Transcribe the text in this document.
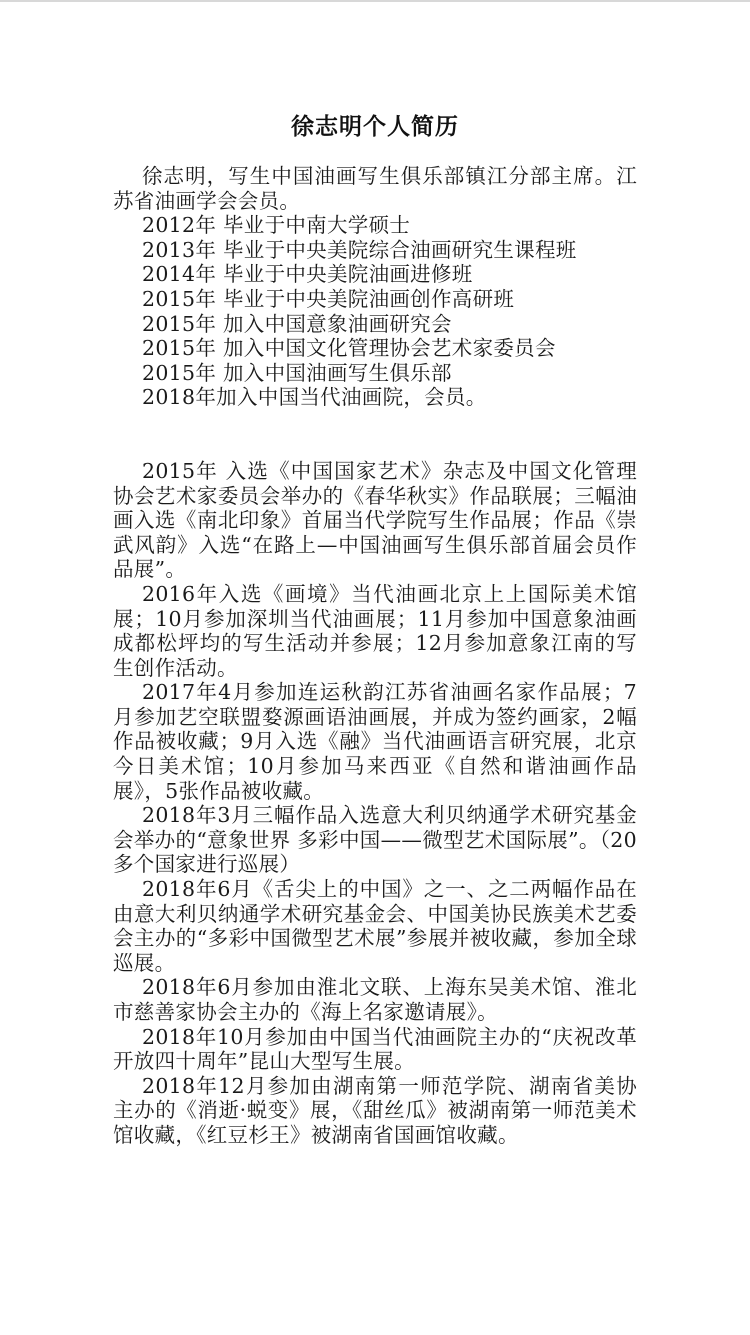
徐志明个人简历

徐志明，写生中国油画写生俱乐部镇江分部主席。江苏省油画学会会员。

2012年 毕业于中南大学硕士

2013年 毕业于中央美院综合油画研究生课程班

2014年 毕业于中央美院油画进修班

2015年 毕业于中央美院油画创作高研班

2015年 加入中国意象油画研究会

2015年 加入中国文化管理协会艺术家委员会

2015年 加入中国油画写生俱乐部

2018年加入中国当代油画院，会员。

2015年 入选《中国国家艺术》杂志及中国文化管理协会艺术家委员会举办的《春华秋实》作品联展；三幅油画入选《南北印象》首届当代学院写生作品展；作品《崇武风韵》入选“在路上—中国油画写生俱乐部首届会员作品展”。

2016年入选《画境》当代油画北京上上国际美术馆展；10月参加深圳当代油画展；11月参加中国意象油画成都松坪均的写生活动并参展；12月参加意象江南的写生创作活动。

2017年4月参加连运秋韵江苏省油画名家作品展；7月参加艺空联盟婺源画语油画展，并成为签约画家，2幅作品被收藏；9月入选《融》当代油画语言研究展，北京今日美术馆；10月参加马来西亚《自然和谐油画作品展》，5张作品被收藏。

2018年3月三幅作品入选意大利贝纳通学术研究基金会举办的“意象世界 多彩中国——微型艺术国际展”。（20多个国家进行巡展）

2018年6月《舌尖上的中国》之一、之二两幅作品在由意大利贝纳通学术研究基金会、中国美协民族美术艺委会主办的“多彩中国微型艺术展”参展并被收藏，参加全球巡展。

2018年6月参加由淮北文联、上海东吴美术馆、淮北市慈善家协会主办的《海上名家邀请展》。

2018年10月参加由中国当代油画院主办的“庆祝改革开放四十周年”昆山大型写生展。

2018年12月参加由湖南第一师范学院、湖南省美协主办的《消逝·蜕变》展，《甜丝瓜》被湖南第一师范美术馆收藏，《红豆杉王》被湖南省国画馆收藏。
